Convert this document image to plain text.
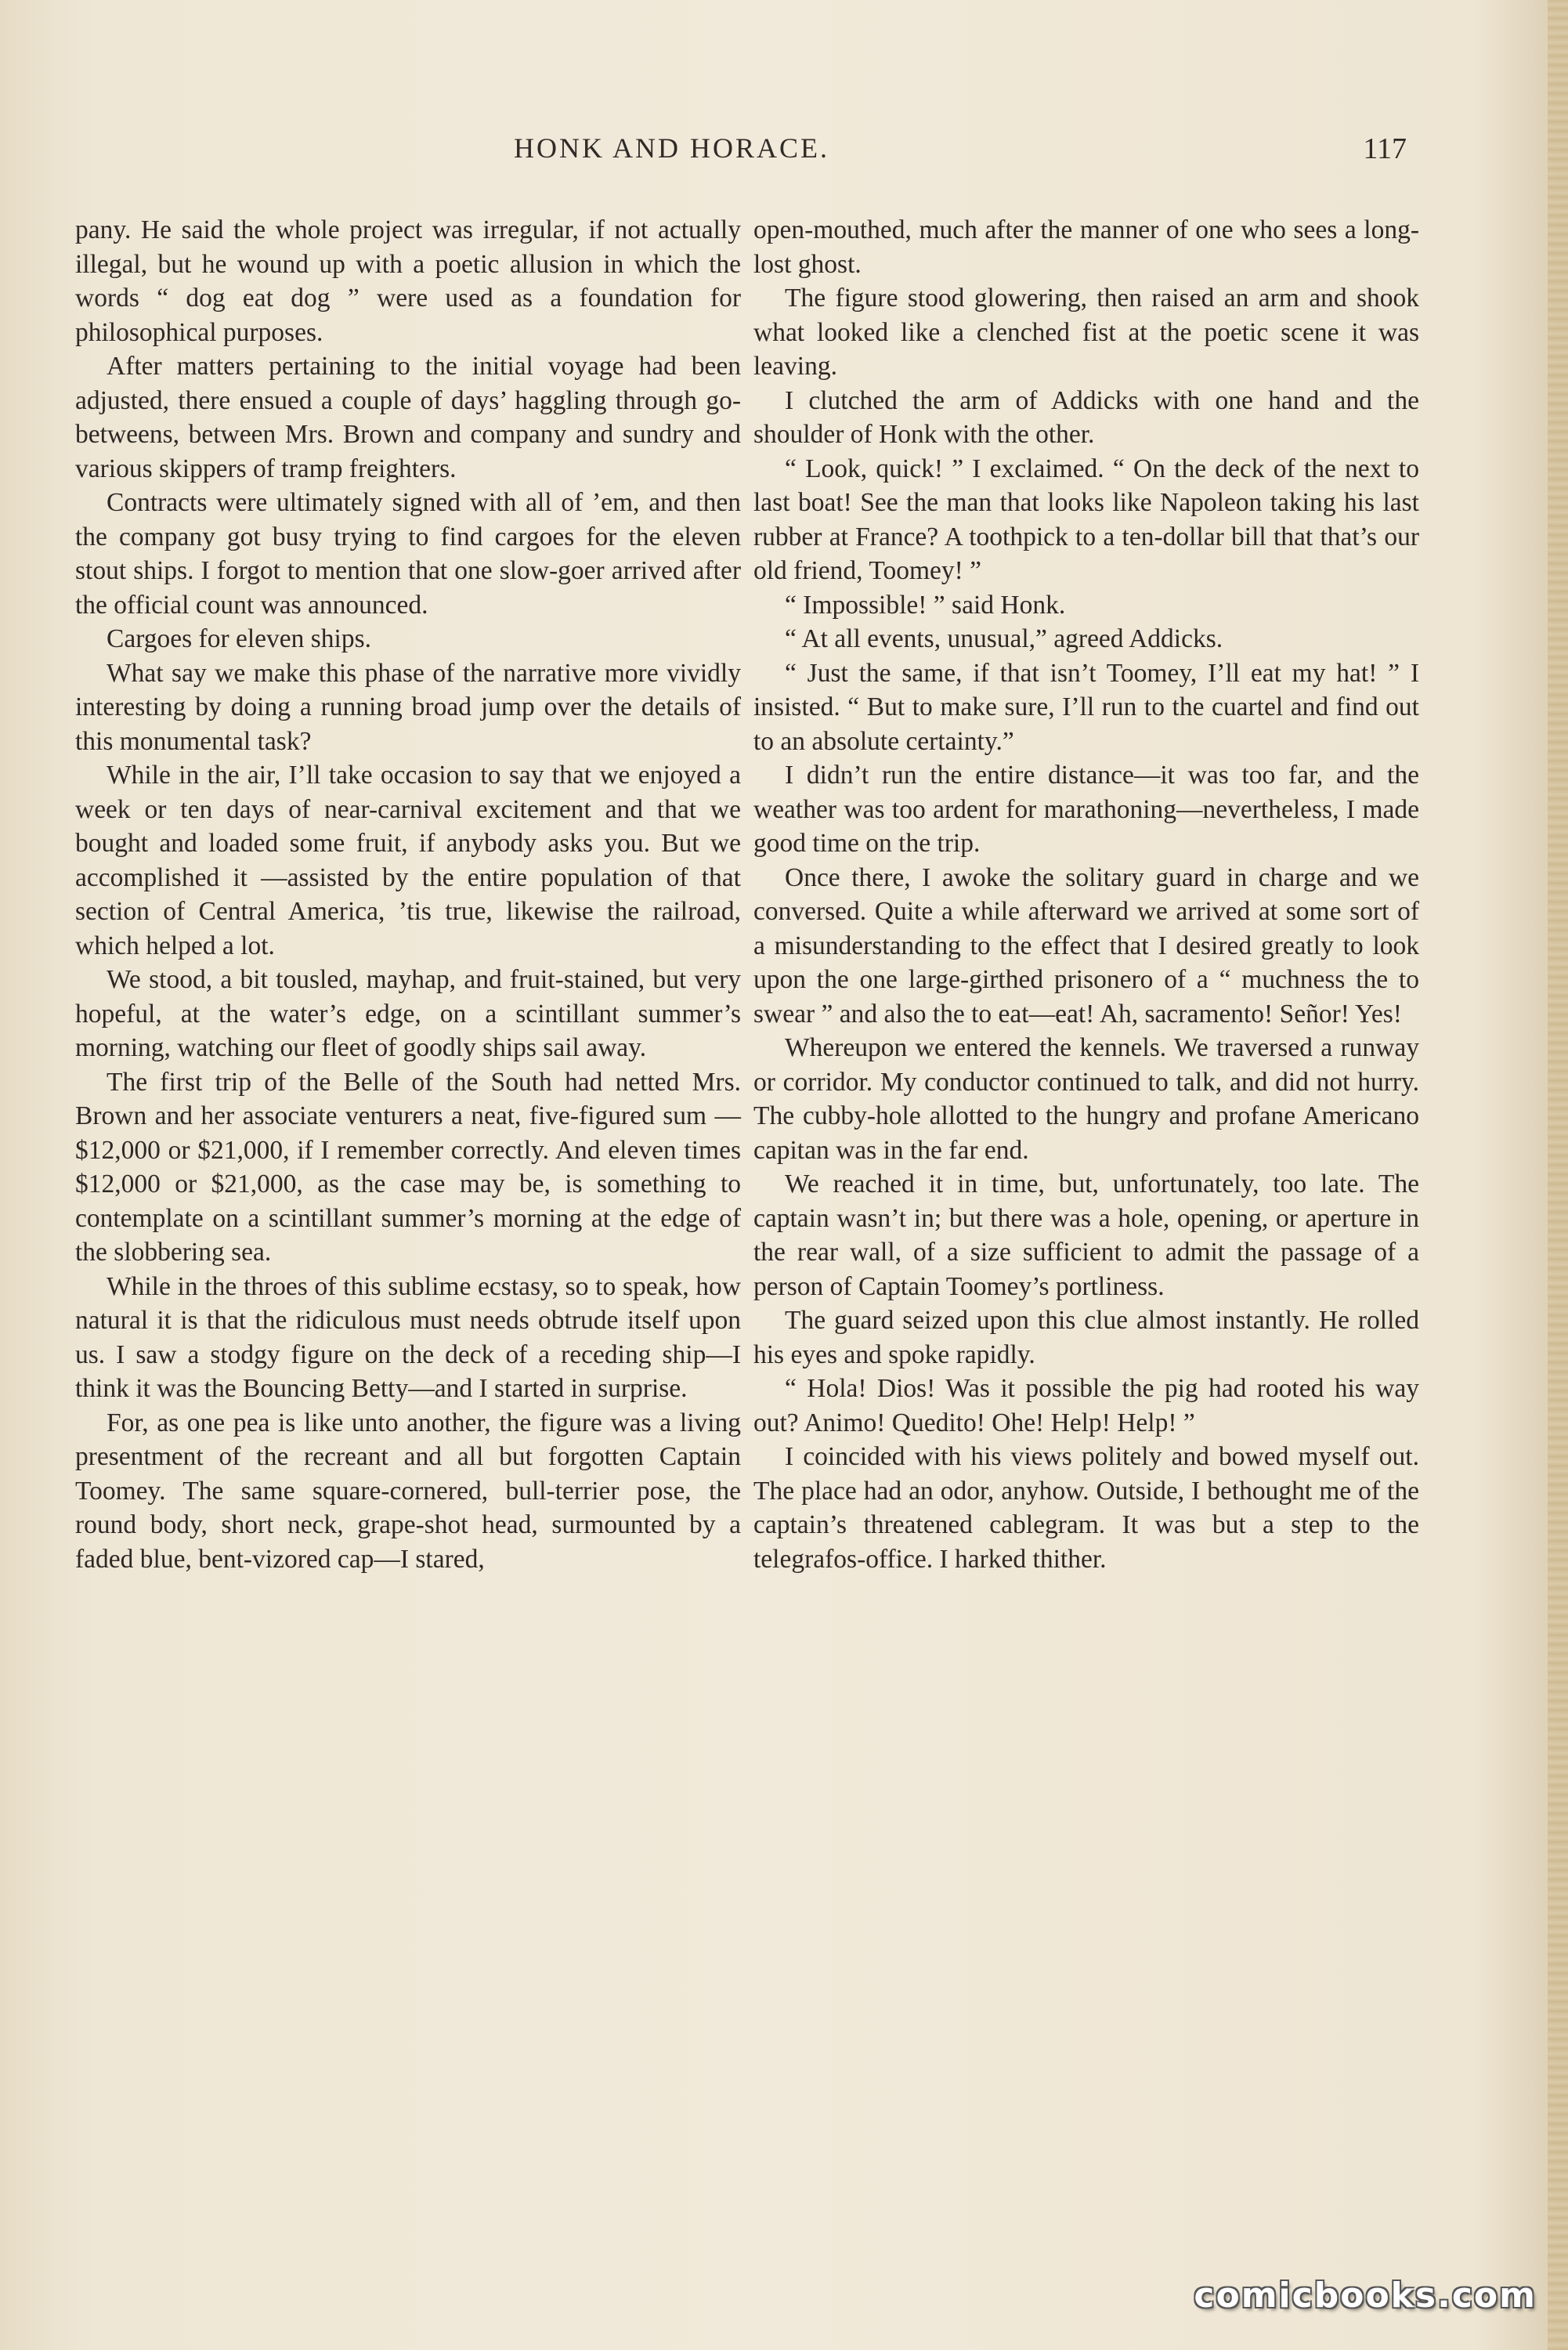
HONK AND HORACE.	117

pany. He said the whole project was irregular, if not actually illegal, but he wound up with a poetic allusion in which the words “ dog eat dog ” were used as a foundation for philosophical purposes.

After matters pertaining to the initial voyage had been adjusted, there ensued a couple of days’ haggling through go-betweens, between Mrs. Brown and company and sundry and various skippers of tramp freighters.

Contracts were ultimately signed with all of ’em, and then the company got busy trying to find cargoes for the eleven stout ships. I forgot to mention that one slow-goer arrived after the official count was announced.

Cargoes for eleven ships.

What say we make this phase of the narrative more vividly interesting by doing a running broad jump over the details of this monumental task?

While in the air, I’ll take occasion to say that we enjoyed a week or ten days of near-carnival excitement and that we bought and loaded some fruit, if anybody asks you. But we accomplished it —assisted by the entire population of that section of Central America, ’tis true, likewise the railroad, which helped a lot.

We stood, a bit tousled, mayhap, and fruit-stained, but very hopeful, at the water’s edge, on a scintillant summer’s morning, watching our fleet of goodly ships sail away.

The first trip of the Belle of the South had netted Mrs. Brown and her associate venturers a neat, five-figured sum — $12,000 or $21,000, if I remember correctly. And eleven times $12,000 or $21,000, as the case may be, is something to contemplate on a scintillant summer’s morning at the edge of the slobbering sea.

While in the throes of this sublime ecstasy, so to speak, how natural it is that the ridiculous must needs obtrude itself upon us. I saw a stodgy figure on the deck of a receding ship—I think it was the Bouncing Betty—and I started in surprise.

For, as one pea is like unto another, the figure was a living presentment of the recreant and all but forgotten Captain Toomey. The same square-cornered, bull-terrier pose, the round body, short neck, grape-shot head, surmounted by a faded blue, bent-vizored cap—I stared,

open-mouthed, much after the manner of one who sees a long-lost ghost.

The figure stood glowering, then raised an arm and shook what looked like a clenched fist at the poetic scene it was leaving.

I clutched the arm of Addicks with one hand and the shoulder of Honk with the other.

“ Look, quick! ” I exclaimed. “ On the deck of the next to last boat! See the man that looks like Napoleon taking his last rubber at France? A toothpick to a ten-dollar bill that that’s our old friend, Toomey! ”

“ Impossible! ” said Honk.

“ At all events, unusual,” agreed Addicks.

“ Just the same, if that isn’t Toomey, I’ll eat my hat! ” I insisted. “ But to make sure, I’ll run to the cuartel and find out to an absolute certainty.”

I didn’t run the entire distance—it was too far, and the weather was too ardent for marathoning—nevertheless, I made good time on the trip.

Once there, I awoke the solitary guard in charge and we conversed. Quite a while afterward we arrived at some sort of a misunderstanding to the effect that I desired greatly to look upon the one large-girthed prisonero of a “ muchness the to swear ” and also the to eat—eat! Ah, sacramento! Señor! Yes!

Whereupon we entered the kennels. We traversed a runway or corridor. My conductor continued to talk, and did not hurry. The cubby-hole allotted to the hungry and profane Americano capitan was in the far end.

We reached it in time, but, unfortunately, too late. The captain wasn’t in; but there was a hole, opening, or aperture in the rear wall, of a size sufficient to admit the passage of a person of Captain Toomey’s portliness.

The guard seized upon this clue almost instantly. He rolled his eyes and spoke rapidly.

“ Hola! Dios! Was it possible the pig had rooted his way out? Animo! Quedito! Ohe! Help! Help! ”

I coincided with his views politely and bowed myself out. The place had an odor, anyhow. Outside, I bethought me of the captain’s threatened cablegram. It was but a step to the telegrafos-office. I harked thither.

comicbooks.com
